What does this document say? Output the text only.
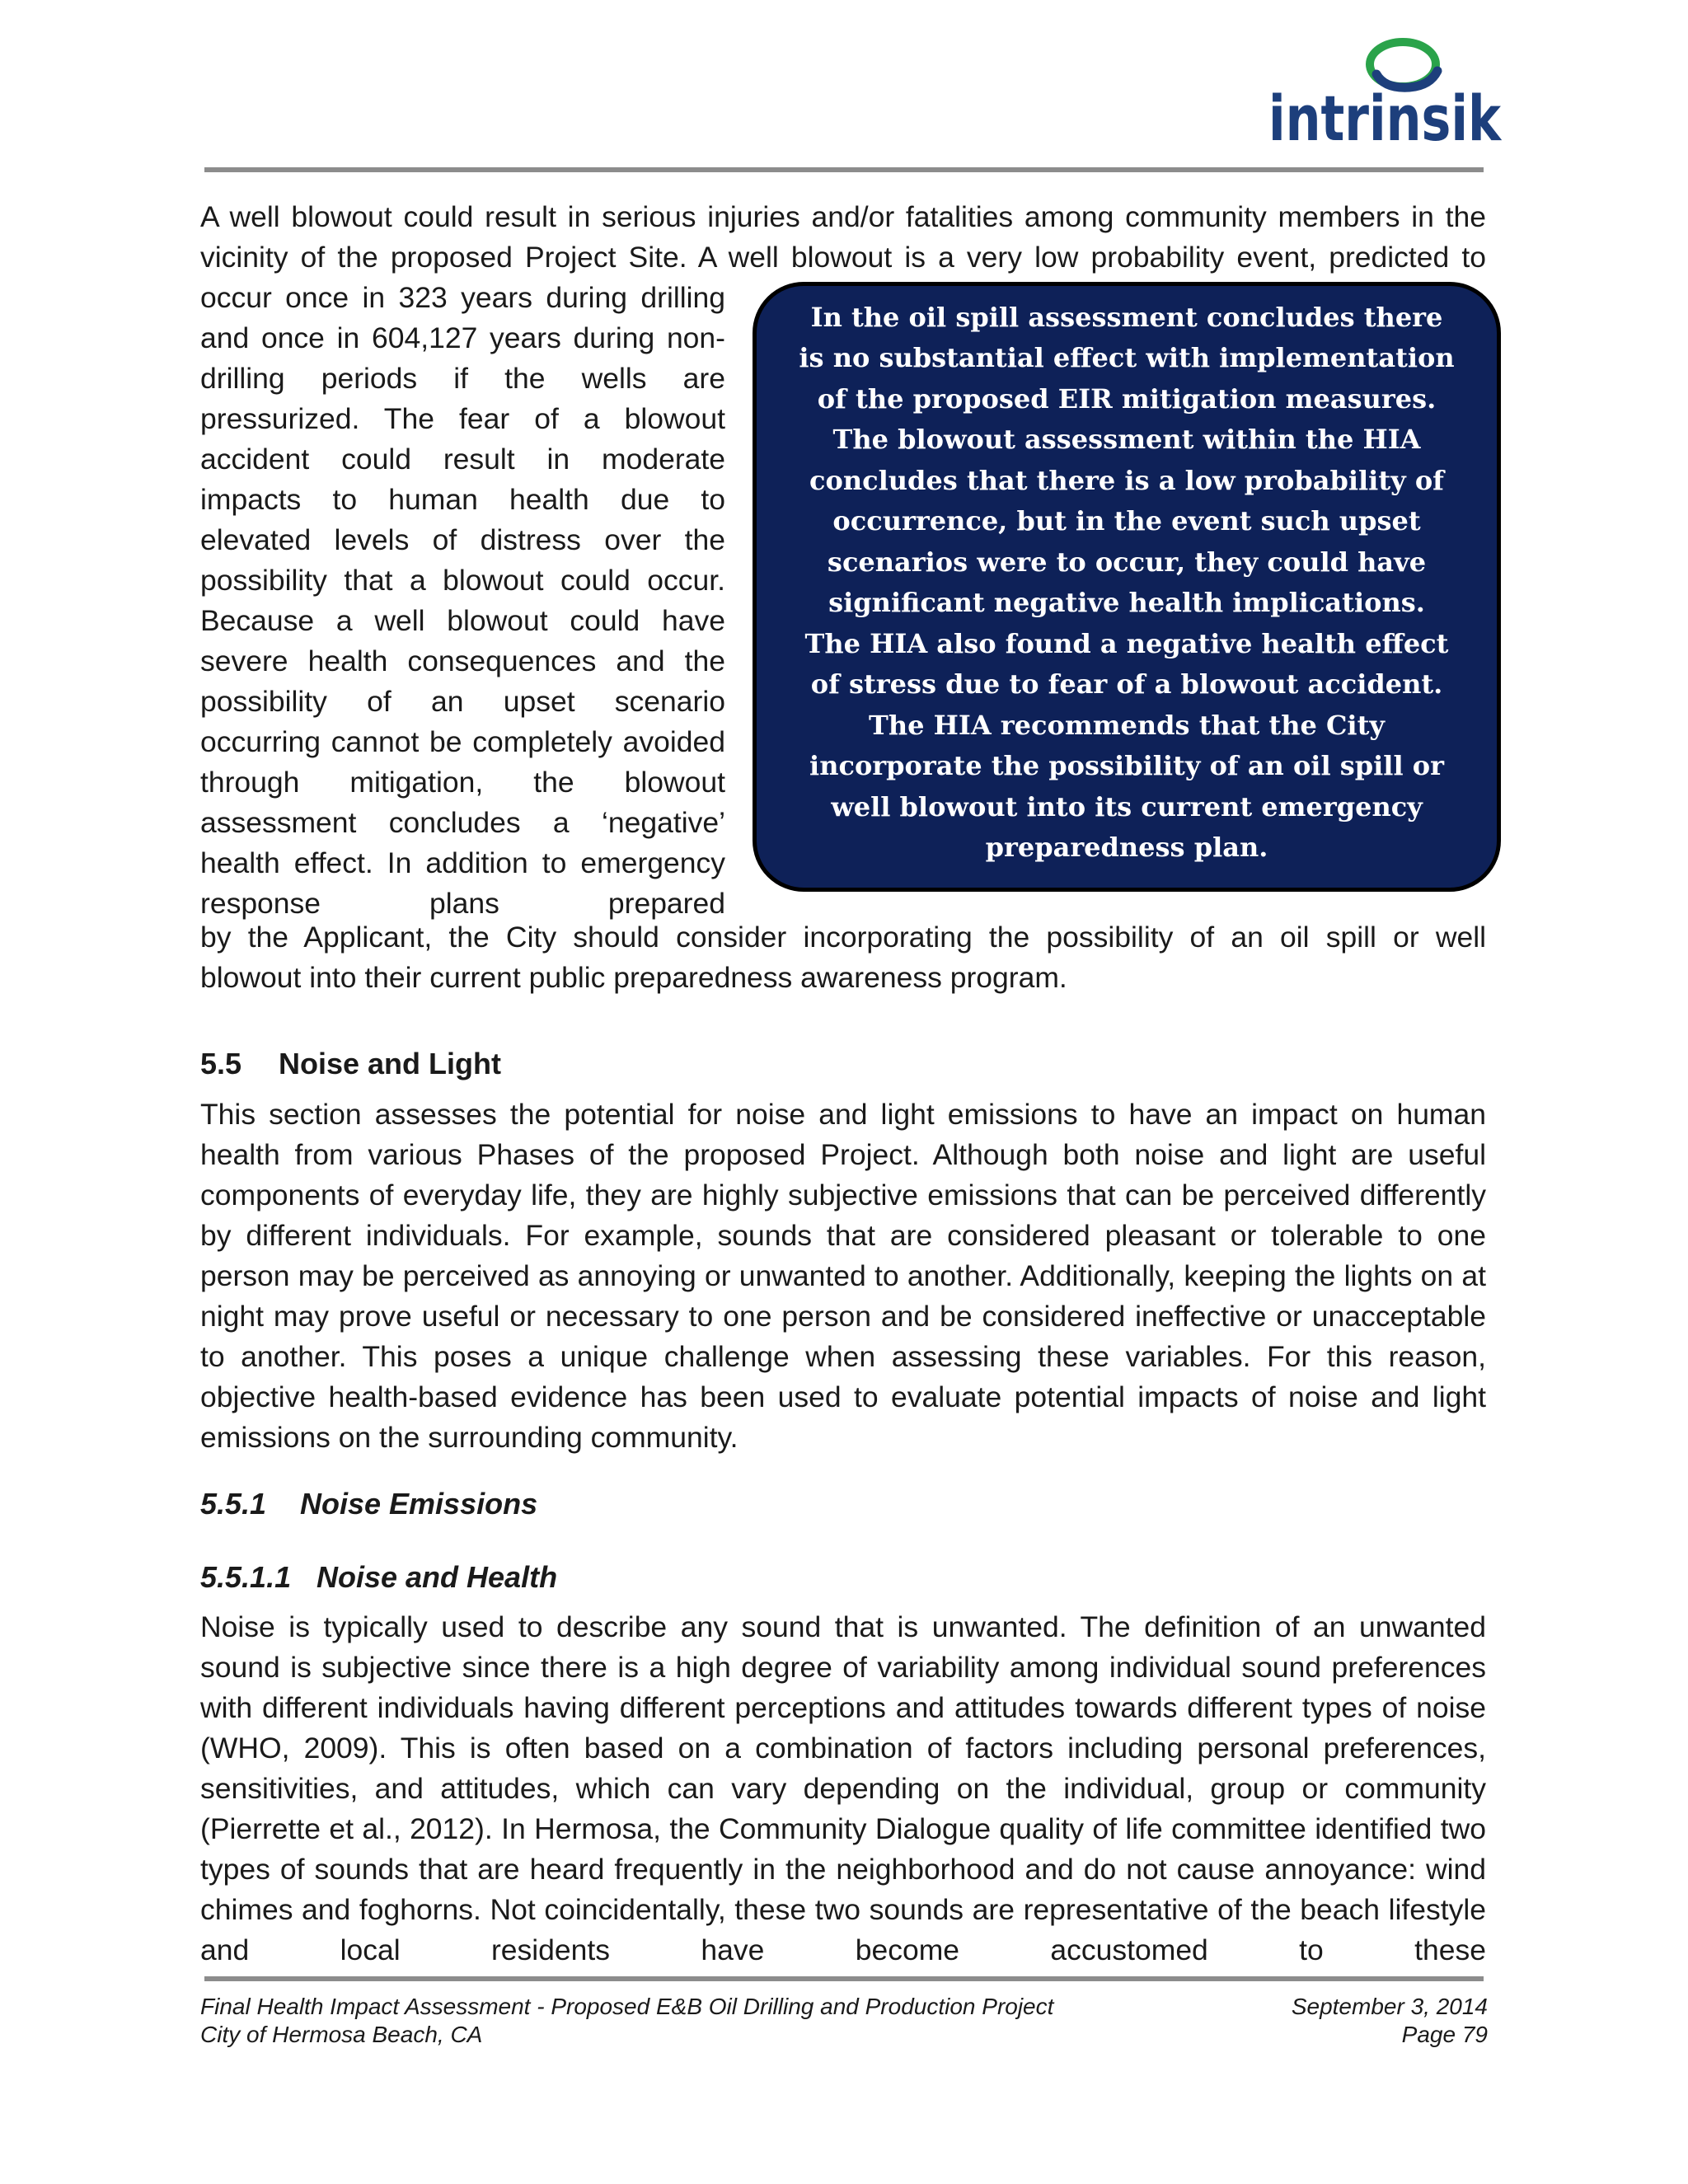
intrinsik

A well blowout could result in serious injuries and/or fatalities among community members in the

vicinity of the proposed Project Site. A well blowout is a very low probability event, predicted to

occur once in 323 years during drilling and once in 604,127 years during non-drilling periods if the wells are pressurized. The fear of a blowout accident could result in moderate impacts to human health due to elevated levels of distress over the possibility that a blowout could occur. Because a well blowout could have severe health consequences and the possibility of an upset scenario occurring cannot be completely avoided through mitigation, the blowout assessment concludes a ‘negative’ health effect. In addition to emergency response plans prepared

In the oil spill assessment concludes there is no substantial effect with implementation of the proposed EIR mitigation measures. The blowout assessment within the HIA concludes that there is a low probability of occurrence, but in the event such upset scenarios were to occur, they could have significant negative health implications. The HIA also found a negative health effect of stress due to fear of a blowout accident. The HIA recommends that the City incorporate the possibility of an oil spill or well blowout into its current emergency preparedness plan.

by the Applicant, the City should consider incorporating the possibility of an oil spill or well

blowout into their current public preparedness awareness program.

5.5 Noise and Light

This section assesses the potential for noise and light emissions to have an impact on human health from various Phases of the proposed Project. Although both noise and light are useful components of everyday life, they are highly subjective emissions that can be perceived differently by different individuals. For example, sounds that are considered pleasant or tolerable to one person may be perceived as annoying or unwanted to another. Additionally, keeping the lights on at night may prove useful or necessary to one person and be considered ineffective or unacceptable to another. This poses a unique challenge when assessing these variables. For this reason, objective health-based evidence has been used to evaluate potential impacts of noise and light emissions on the surrounding community.

5.5.1 Noise Emissions
5.5.1.1 Noise and Health

Noise is typically used to describe any sound that is unwanted. The definition of an unwanted sound is subjective since there is a high degree of variability among individual sound preferences with different individuals having different perceptions and attitudes towards different types of noise (WHO, 2009). This is often based on a combination of factors including personal preferences, sensitivities, and attitudes, which can vary depending on the individual, group or community (Pierrette et al., 2012). In Hermosa, the Community Dialogue quality of life committee identified two types of sounds that are heard frequently in the neighborhood and do not cause annoyance: wind chimes and foghorns. Not coincidentally, these two sounds are representative of the beach lifestyle and local residents have become accustomed to these

Final Health Impact Assessment - Proposed E&B Oil Drilling and Production Project	September 3, 2014
City of Hermosa Beach, CA	Page 79
